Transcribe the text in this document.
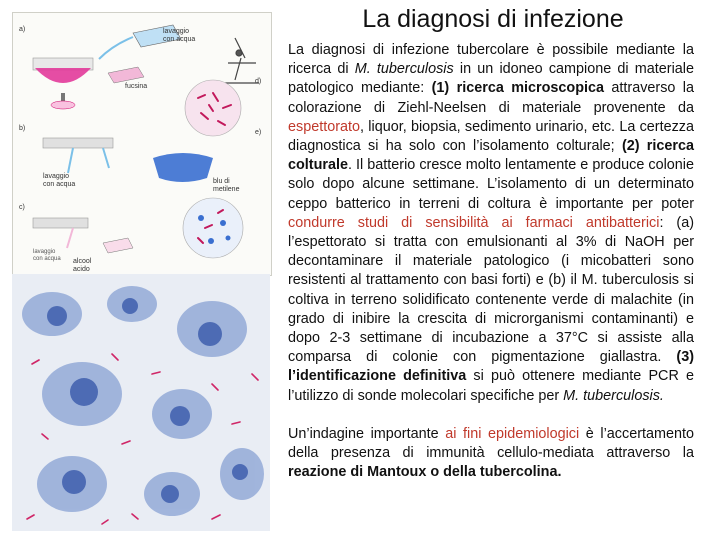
La diagnosi di infezione

La diagnosi di infezione tubercolare è possibile mediante la ricerca di M. tuberculosis in un idoneo campione di materiale patologico mediante: (1) ricerca microscopica attraverso la colorazione di Ziehl-Neelsen di materiale provenente da espettorato, liquor, biopsia, sedimento urinario, etc. La certezza diagnostica si ha solo con l’isolamento colturale; (2) ricerca colturale. Il batterio cresce molto lentamente e produce colonie solo dopo alcune settimane. L’isolamento di un determinato ceppo batterico in terreni di coltura è importante per poter condurre studi di sensibilità ai farmaci antibatterici: (a) l’espettorato si tratta con emulsionanti al 3% di NaOH per decontaminare il materiale patologico (i micobatteri sono resistenti al trattamento con basi forti) e (b) il M. tuberculosis si coltiva in terreno solidificato contenente verde di malachite (in grado di inibire la crescita di microrganismi contaminanti) e dopo 2-3 settimane di incubazione a 37°C si assiste alla comparsa di colonie con pigmentazione giallastra. (3) l’identificazione definitiva si può ottenere mediante PCR e l’utilizzo di sonde molecolari specifiche per M. tuberculosis.

Un’indagine importante ai fini epidemiologici è l’accertamento della presenza di immunità cellulo-mediata attraverso la reazione di Mantoux o della tubercolina.

a)
b)
c)
d)
e)
lavaggio
con acqua
fucsina
lavaggio
con acqua	blu di
metilene
alcool
acido
lavaggio
con acqua
